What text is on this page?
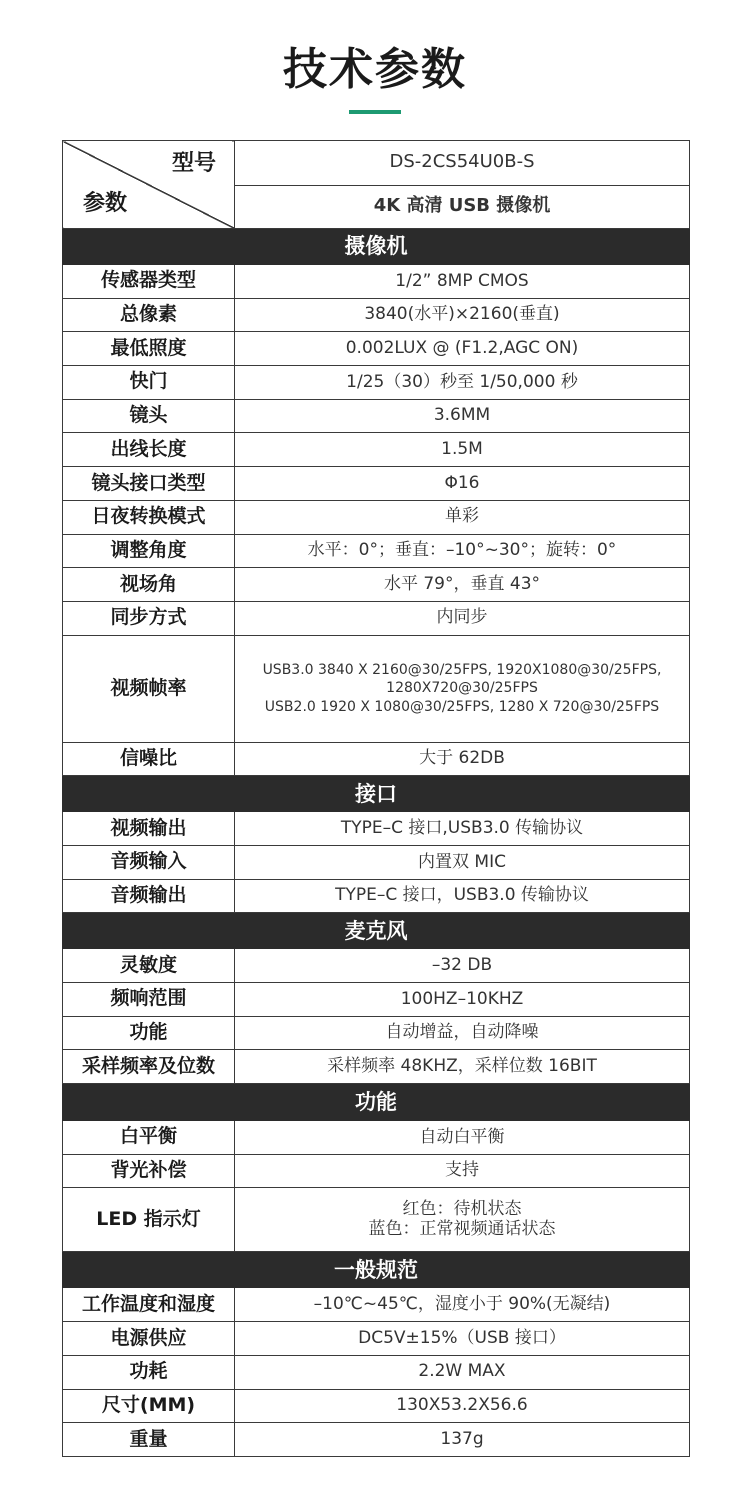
技术参数
型号
参数	DS-2CS54U0B-S
	4K 高清 USB 摄像机
摄像机	
传感器类型	1/2” 8MP CMOS
总像素	3840(水平)×2160(垂直)
最低照度	0.002LUX @ (F1.2,AGC ON)
快门	1/25（30）秒至 1/50,000 秒
镜头	3.6MM
出线长度	1.5M
镜头接口类型	Φ16
日夜转换模式	单彩
调整角度	水平：0°；垂直：–10°~30°；旋转：0°
视场角	水平 79°，垂直 43°
同步方式	内同步
视频帧率	USB3.0 3840 X 2160@30/25FPS, 1920X1080@30/25FPS,
1280X720@30/25FPS
USB2.0 1920 X 1080@30/25FPS, 1280 X 720@30/25FPS

信噪比	大于 62DB
接口	
视频输出	TYPE–C 接口,USB3.0 传输协议
音频输入	内置双 MIC
音频输出	TYPE–C 接口，USB3.0 传输协议
麦克风	
灵敏度	–32 DB
频响范围	100HZ–10KHZ
功能	自动增益，自动降噪
采样频率及位数	采样频率 48KHZ，采样位数 16BIT
功能	
白平衡	自动白平衡
背光补偿	支持
LED 指示灯	红色：待机状态
蓝色：正常视频通话状态

一般规范	
工作温度和湿度	–10℃~45℃，湿度小于 90%(无凝结)
电源供应	DC5V±15%（USB 接口）
功耗	2.2W MAX
尺寸(MM)	130X53.2X56.6
重量	137g
